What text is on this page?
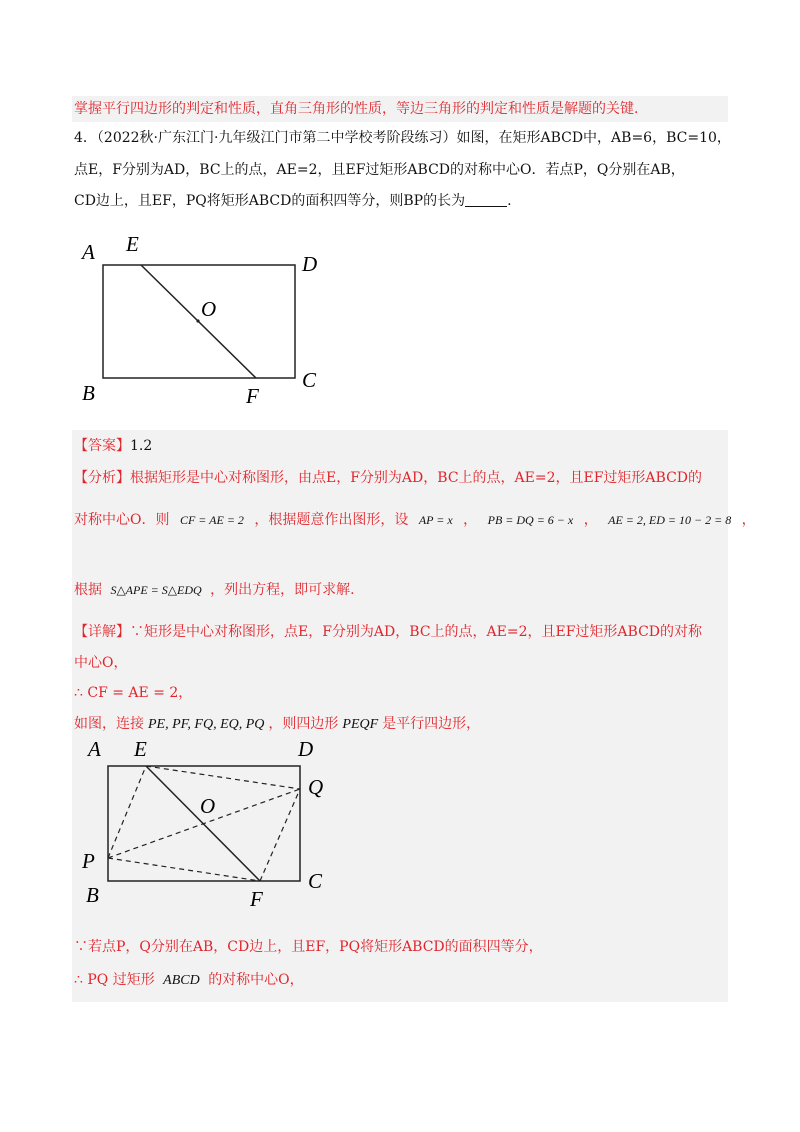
掌握平行四边形的判定和性质，直角三角形的性质，等边三角形的判定和性质是解题的关键.
4．（2022秋·广东江门·九年级江门市第二中学校考阶段练习）如图，在矩形ABCD中，AB=6，BC=10，
点E，F分别为AD，BC上的点，AE=2，且EF过矩形ABCD的对称中心O．若点P，Q分别在AB，
CD边上，且EF，PQ将矩形ABCD的面积四等分，则BP的长为	.
A E
D
O
B	F
C
【答案】1.2
【分析】根据矩形是中心对称图形，由点E，F分别为AD，BC上的点，AE=2，且EF过矩形ABCD的
对称中心O．则 CF = AE = 2 ，根据题意作出图形，设 AP = x ， PB = DQ = 6 − x ， AE = 2, ED = 10 − 2 = 8 ，
根据 S△APE = S△EDQ ，列出方程，即可求解.
【详解】∵矩形是中心对称图形，点E，F分别为AD，BC上的点，AE=2，且EF过矩形ABCD的对称
中心O，
∴ CF = AE = 2，
如图，连接 PE, PF, FQ, EQ, PQ ，则四边形 PEQF 是平行四边形，
A E	D
Q
O
P
B	F
C
∵若点P，Q分别在AB，CD边上，且EF，PQ将矩形ABCD的面积四等分，
∴ PQ 过矩形 ABCD 的对称中心O，
